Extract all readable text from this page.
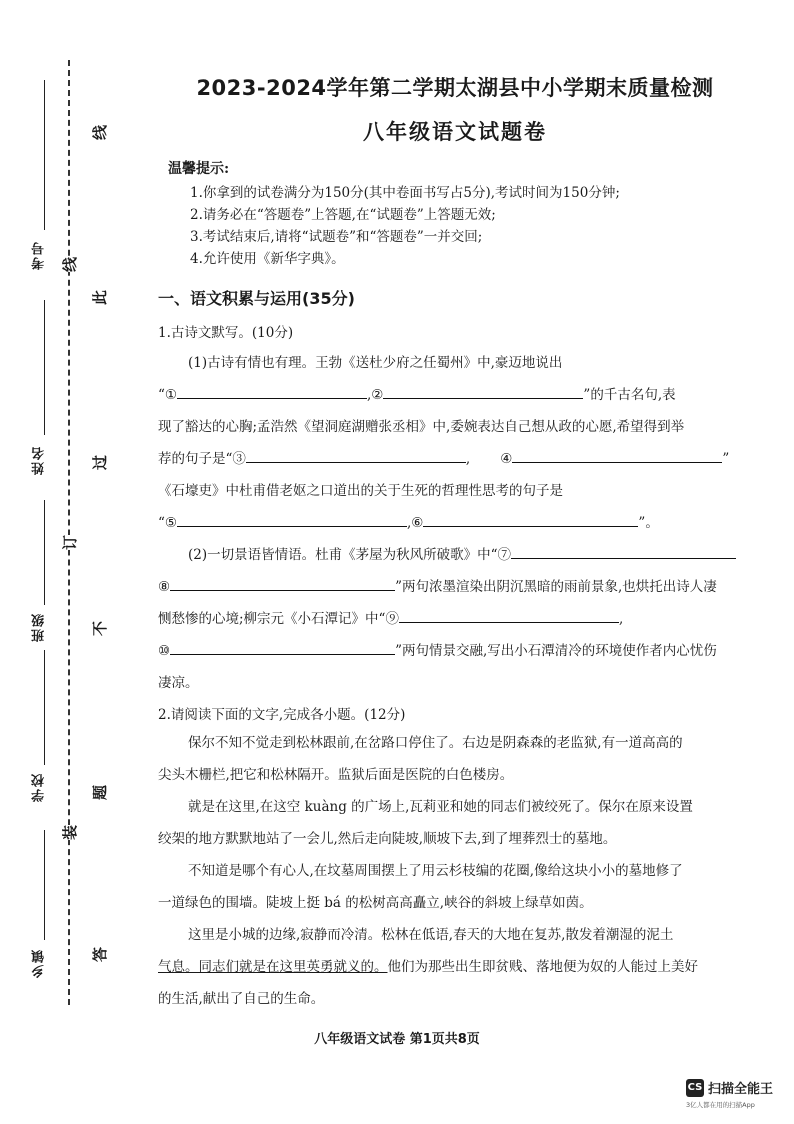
考号
姓名
班级
学校
乡镇
线
订
装
线
此
过
不
题
答
2023-2024学年第二学期太湖县中小学期末质量检测
八年级语文试题卷
温馨提示:
1.你拿到的试卷满分为150分(其中卷面书写占5分),考试时间为150分钟;
2.请务必在“答题卷”上答题,在“试题卷”上答题无效;
3.考试结束后,请将“试题卷”和“答题卷”一并交回;
4.允许使用《新华字典》。
一、语文积累与运用(35分)
1.古诗文默写。(10分)
(1)古诗有情也有理。王勃《送杜少府之任蜀州》中,豪迈地说出
“①	,②	”的千古名句,表
现了豁达的心胸;孟浩然《望洞庭湖赠张丞相》中,委婉表达自己想从政的心愿,希望得到举
荐的句子是“③	, ④	”
《石壕吏》中杜甫借老妪之口道出的关于生死的哲理性思考的句子是
“⑤	,⑥	”。
(2)一切景语皆情语。杜甫《茅屋为秋风所破歌》中“⑦
⑧	”两句浓墨渲染出阴沉黑暗的雨前景象,也烘托出诗人凄
恻愁惨的心境;柳宗元《小石潭记》中“⑨	,
⑩	”两句情景交融,写出小石潭清冷的环境使作者内心忧伤
凄凉。
2.请阅读下面的文字,完成各小题。(12分)
保尔不知不觉走到松林跟前,在岔路口停住了。右边是阴森森的老监狱,有一道高高的
尖头木栅栏,把它和松林隔开。监狱后面是医院的白色楼房。
就是在这里,在这空 kuàng 的广场上,瓦莉亚和她的同志们被绞死了。保尔在原来设置
绞架的地方默默地站了一会儿,然后走向陡坡,顺坡下去,到了埋葬烈士的墓地。
不知道是哪个有心人,在坟墓周围摆上了用云杉枝编的花圈,像给这块小小的墓地修了
一道绿色的围墙。陡坡上挺 bá 的松树高高矗立,峡谷的斜坡上绿草如茵。
这里是小城的边缘,寂静而冷清。松林在低语,春天的大地在复苏,散发着潮湿的泥土
气息。同志们就是在这里英勇就义的。他们为那些出生即贫贱、落地便为奴的人能过上美好
的生活,献出了自己的生命。
八年级语文试卷 第1页共8页
CS 扫描全能王
3亿人都在用的扫描App
